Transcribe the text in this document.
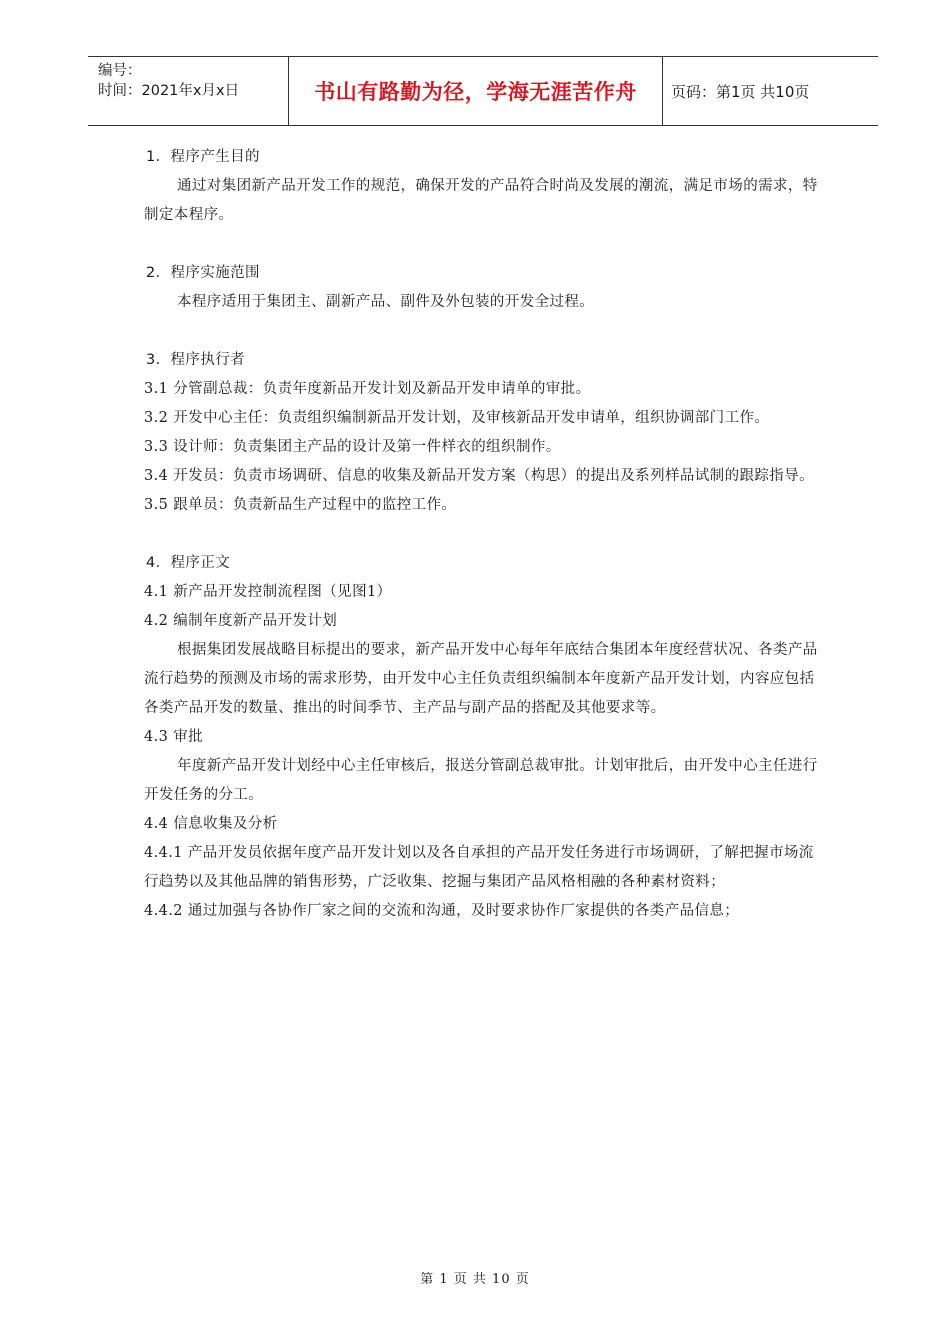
编号：
时间：2021年x月x日	书山有路勤为径，学海无涯苦作舟	页码：第1页 共10页
1．程序产生目的

通过对集团新产品开发工作的规范，确保开发的产品符合时尚及发展的潮流，满足市场的需求，特制定本程序。

2．程序实施范围

本程序适用于集团主、副新产品、副件及外包装的开发全过程。

3．程序执行者

3.1 分管副总裁：负责年度新品开发计划及新品开发申请单的审批。

3.2 开发中心主任：负责组织编制新品开发计划，及审核新品开发申请单，组织协调部门工作。

3.3 设计师：负责集团主产品的设计及第一件样衣的组织制作。

3.4 开发员：负责市场调研、信息的收集及新品开发方案（构思）的提出及系列样品试制的跟踪指导。

3.5 跟单员：负责新品生产过程中的监控工作。

4．程序正文

4.1 新产品开发控制流程图（见图1）

4.2 编制年度新产品开发计划

根据集团发展战略目标提出的要求，新产品开发中心每年年底结合集团本年度经营状况、各类产品流行趋势的预测及市场的需求形势，由开发中心主任负责组织编制本年度新产品开发计划，内容应包括各类产品开发的数量、推出的时间季节、主产品与副产品的搭配及其他要求等。

4.3 审批

年度新产品开发计划经中心主任审核后，报送分管副总裁审批。计划审批后，由开发中心主任进行开发任务的分工。

4.4 信息收集及分析

4.4.1 产品开发员依据年度产品开发计划以及各自承担的产品开发任务进行市场调研，了解把握市场流行趋势以及其他品牌的销售形势，广泛收集、挖掘与集团产品风格相融的各种素材资料；

4.4.2 通过加强与各协作厂家之间的交流和沟通，及时要求协作厂家提供的各类产品信息；

第 1 页 共 10 页
